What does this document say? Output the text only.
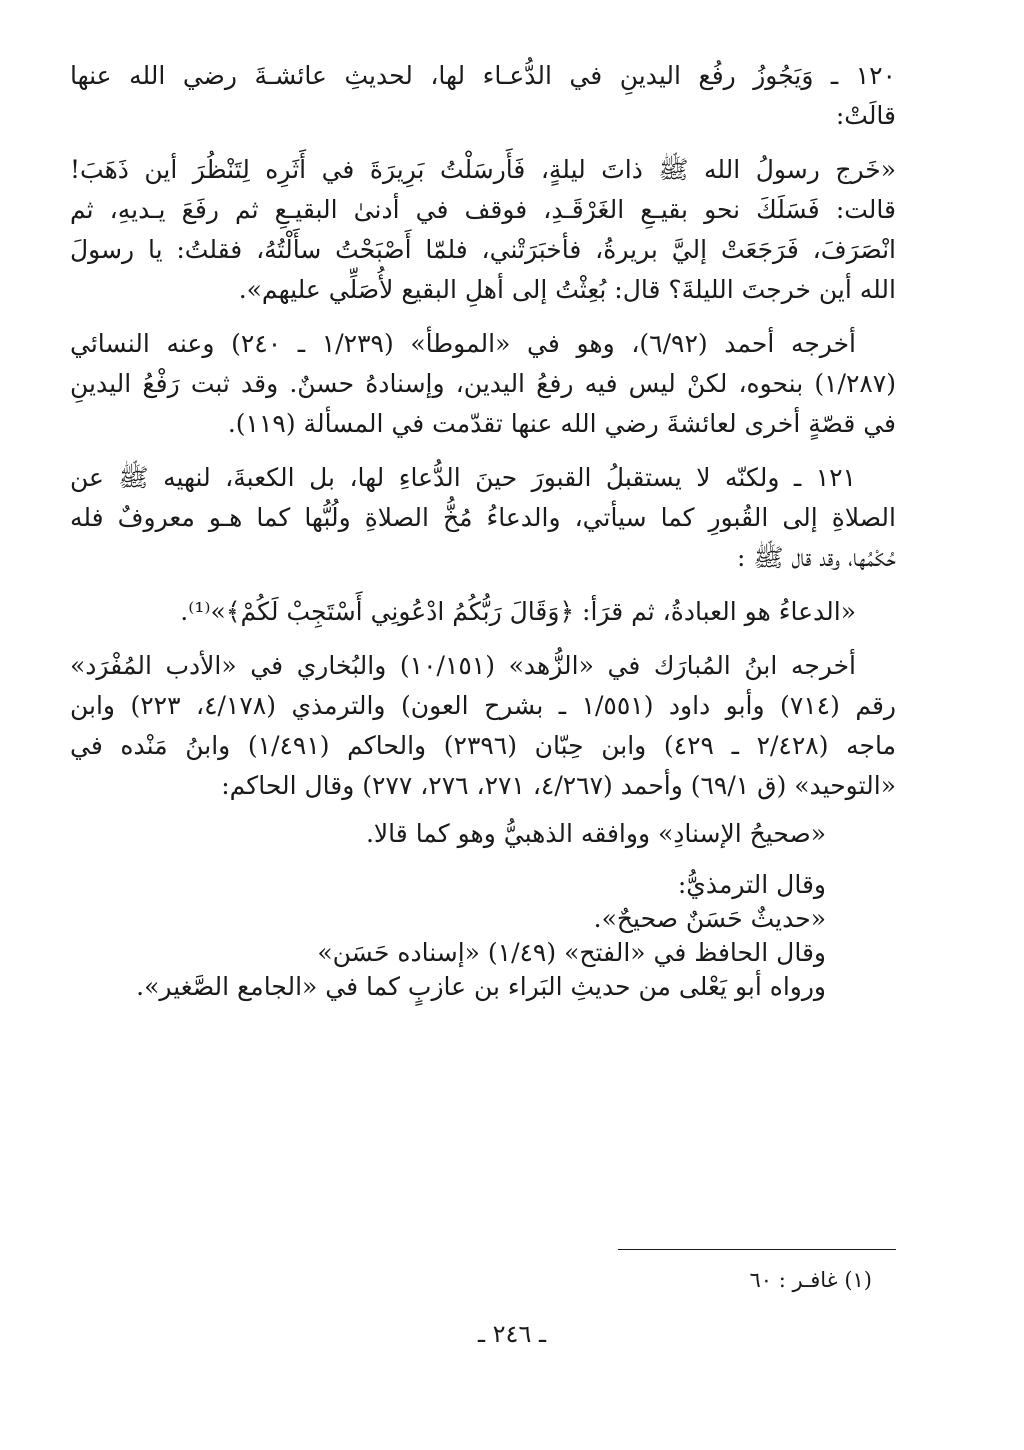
١٢٠ ـ وَيَجُوزُ رفُع اليدينِ في الدُّعـاء لها، لحديثِ عائشـةَ رضي الله عنها
قالَتْ:
«خَرج رسولُ الله ﷺ ذاتَ ليلةٍ، فَأَرسَلْتُ بَرِيرَةَ في أَثَرِه لِتَنْظُرَ أين ذَهَبَ!
قالت: فَسَلَكَ نحو بقيـعِ الغَرْقَـدِ، فوقف في أدنىٰ البقيـعِ ثم رفَعَ يـديهِ، ثم
انْصَرَفَ، فَرَجَعَتْ إليَّ بريرةُ، فأخبَرَتْني، فلمّا أَصْبَحْتُ سأَلْتُهُ، فقلتُ: يا رسولَ
الله أين خرجتَ الليلةَ؟ قال: بُعِثْتُ إلى أهلِ البقيع لأُصَلِّي عليهم».
أخرجه أحمد (٦/٩٢)، وهو في «الموطأ» (١/٢٣٩ ـ ٢٤٠) وعنه النسائي
(١/٢٨٧) بنحوه، لكنْ ليس فيه رفعُ اليدين، وإسنادهُ حسنٌ. وقد ثبت رَفْعُ اليدينِ
في قصّةٍ أخرى لعائشةَ رضي الله عنها تقدّمت في المسألة (١١٩).
١٢١ ـ ولكنّه لا يستقبلُ القبورَ حينَ الدُّعاءِ لها، بل الكعبةَ، لنهيه ﷺ عن
الصلاةِ إلى القُبورِ كما سيأتي، والدعاءُ مُخُّ الصلاةِ ولُبُّها كما هـو معروفٌ فله
حُكْمُها، وقد قال ﷺ :
«الدعاءُ هو العبادةُ، ثم قرَأ: ﴿وَقَالَ رَبُّكُمُ ادْعُونِي أَسْتَجِبْ لَكُمْ﴾»⁽¹⁾.
أخرجه ابنُ المُبارَك في «الزُّهد» (١٠/١٥١) والبُخاري في «الأدب المُفْرَد»
رقم (٧١٤) وأبو داود (١/٥٥١ ـ بشرح العون) والترمذي (٤/١٧٨، ٢٢٣) وابن
ماجه (٢/٤٢٨ ـ ٤٢٩) وابن حِبّان (٢٣٩٦) والحاكم (١/٤٩١) وابنُ مَنْده في
«التوحيد» (ق ٦٩/١) وأحمد (٤/٢٦٧، ٢٧١، ٢٧٦، ٢٧٧) وقال الحاكم:
«صحيحُ الإسنادِ» ووافقه الذهبيُّ وهو كما قالا.
وقال الترمذيُّ:
«حديثٌ حَسَنٌ صحيحٌ».
وقال الحافظ في «الفتح» (١/٤٩) «إسناده حَسَن»
ورواه أبو يَعْلى من حديثِ البَراء بن عازبٍ كما في «الجامع الصَّغير».
(١) غافـر : ٦٠
ـ ٢٤٦ ـ
